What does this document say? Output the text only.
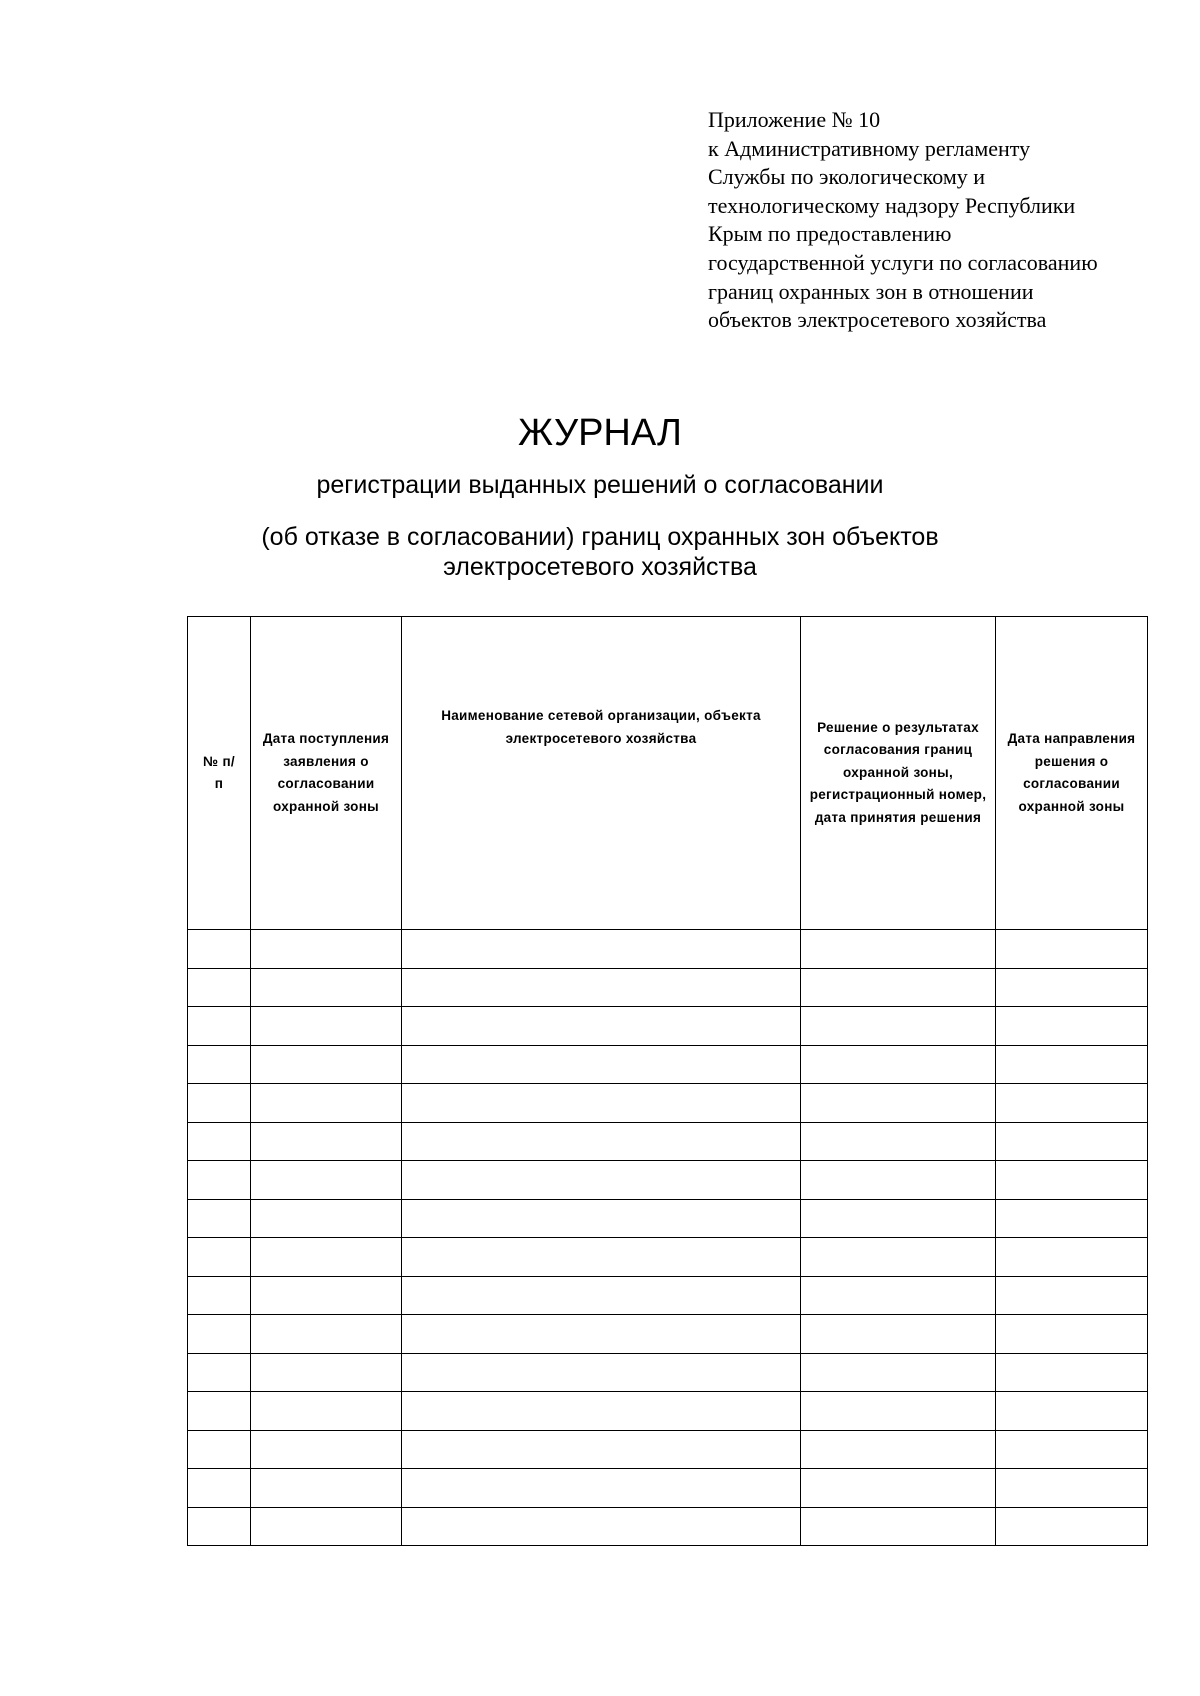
Приложение № 10
к Административному регламенту
Службы по экологическому и
технологическому надзору Республики
Крым по предоставлению
государственной услуги по согласованию
границ охранных зон в отношении
объектов электросетевого хозяйства
ЖУРНАЛ
регистрации выданных решений о согласовании
(об отказе в согласовании) границ охранных зон объектов
электросетевого хозяйства
№ п/п	Дата поступления заявления о согласовании охранной зоны	Наименование сетевой организации, объекта электросетевого хозяйства	Решение о результатах согласования границ охранной зоны, регистрационный номер, дата принятия решения	Дата направления решения о согласовании охранной зоны
